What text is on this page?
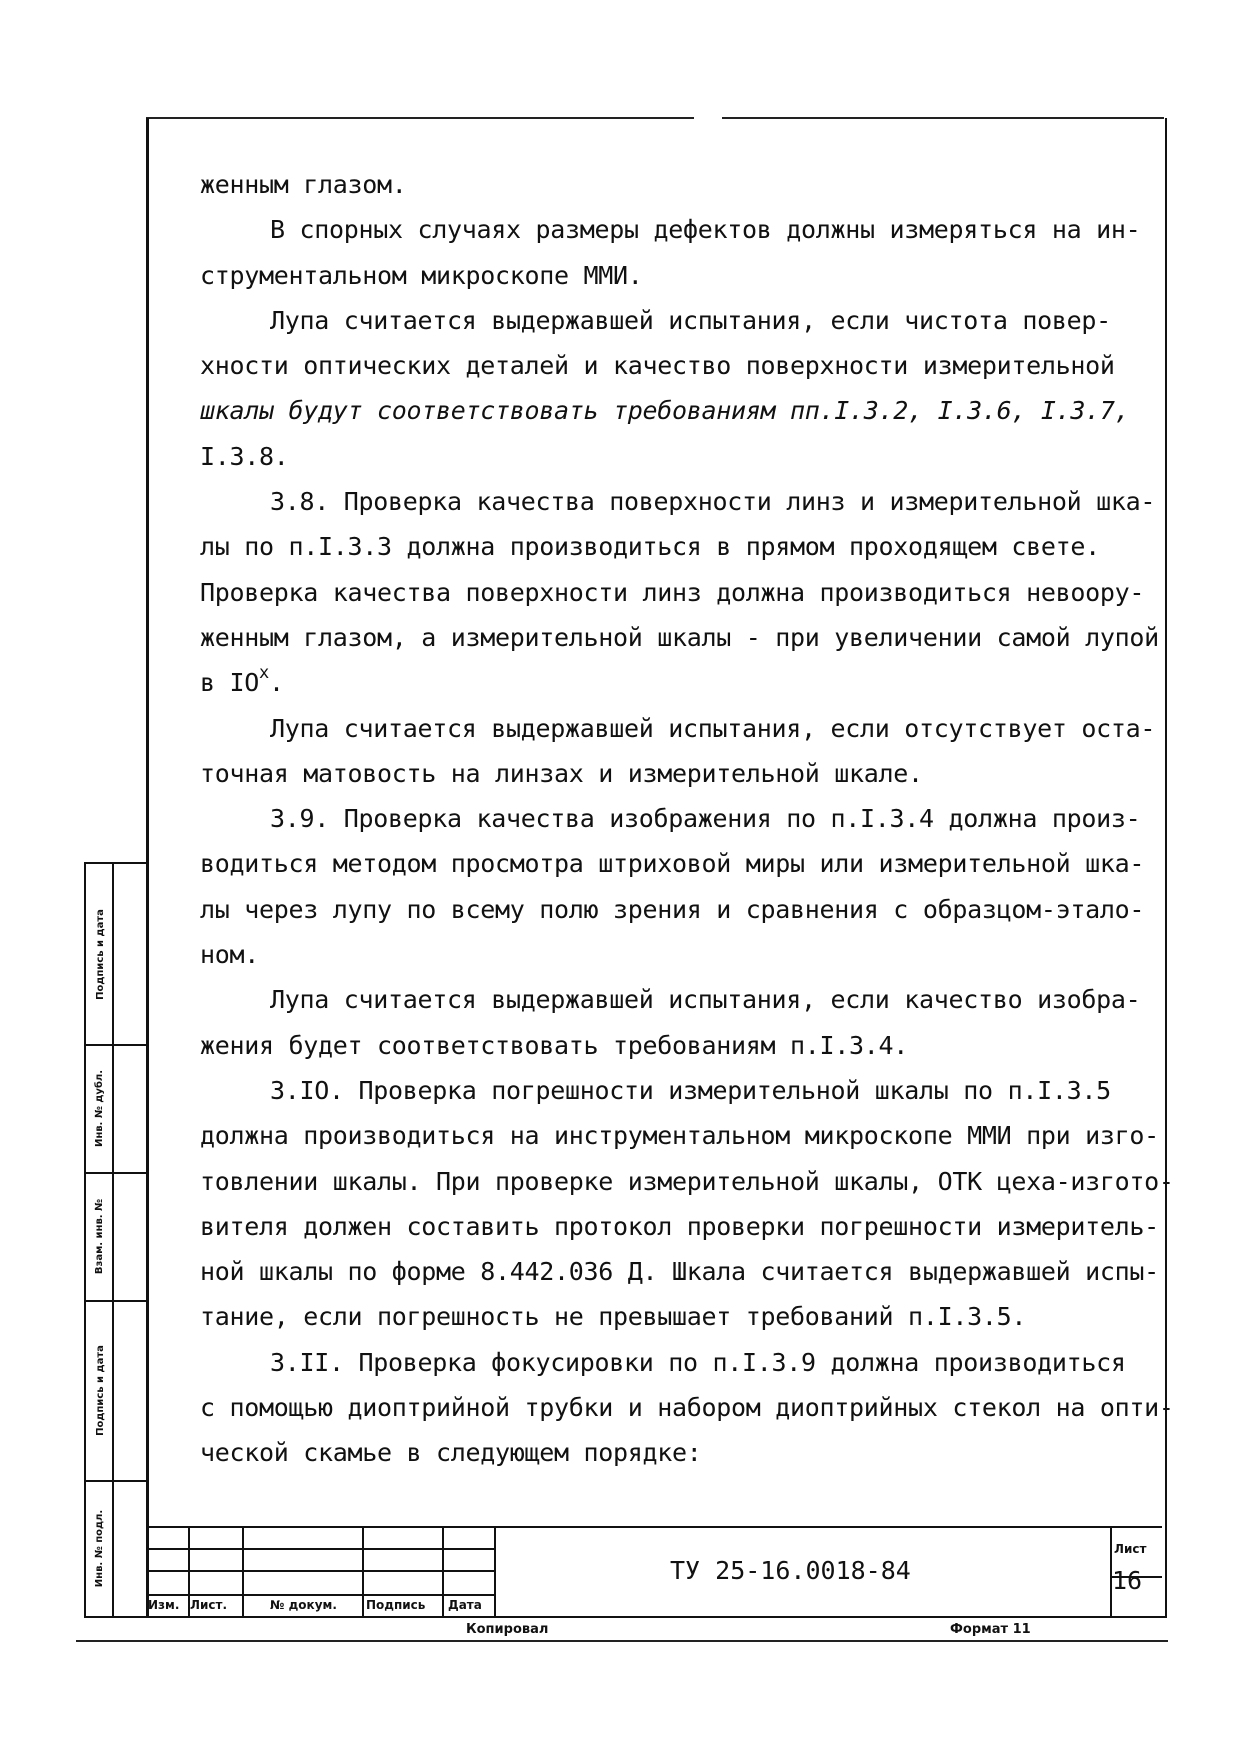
женным глазом.
В спорных случаях размеры дефектов должны измеряться на ин-
струментальном микроскопе ММИ.
Лупа считается выдержавшей испытания, если чистота повер-
хности оптических деталей и качество поверхности измерительной
шкалы будут соответствовать требованиям пп.I.3.2, I.3.6, I.3.7,
I.3.8.
3.8. Проверка качества поверхности линз и измерительной шка-
лы по п.I.3.3 должна производиться в прямом проходящем свете.
Проверка качества поверхности линз должна производиться невоору-
женным глазом, а измерительной шкалы - при увеличении самой лупой
в $IO^х$.
Лупа считается выдержавшей испытания, если отсутствует оста-
точная матовость на линзах и измерительной шкале.
3.9. Проверка качества изображения по п.I.3.4 должна произ-
водиться методом просмотра штриховой миры или измерительной шка-
лы через лупу по всему полю зрения и сравнения с образцом-этало-
ном.
Лупа считается выдержавшей испытания, если качество изобра-
жения будет соответствовать требованиям п.I.3.4.
3.IO. Проверка погрешности измерительной шкалы по п.I.3.5
должна производиться на инструментальном микроскопе ММИ при изго-
товлении шкалы. При проверке измерительной шкалы, ОТК цеха-изгото-
вителя должен составить протокол проверки погрешности измеритель-
ной шкалы по форме 8.442.036 Д. Шкала считается выдержавшей испы-
тание, если погрешность не превышает требований п.I.3.5.
3.II. Проверка фокусировки по п.I.3.9 должна производиться
с помощью диоптрийной трубки и набором диоптрийных стекол на опти-
ческой скамье в следующем порядке:
Подпись и дата
Инв. № дубл.
Взам. инв. №
Подпись и дата
Инв. № подл.
Изм. Лист.	№ докум. Подпись Дата
ТУ 25-16.0018-84
Лист
16
Копировал	Формат 11
